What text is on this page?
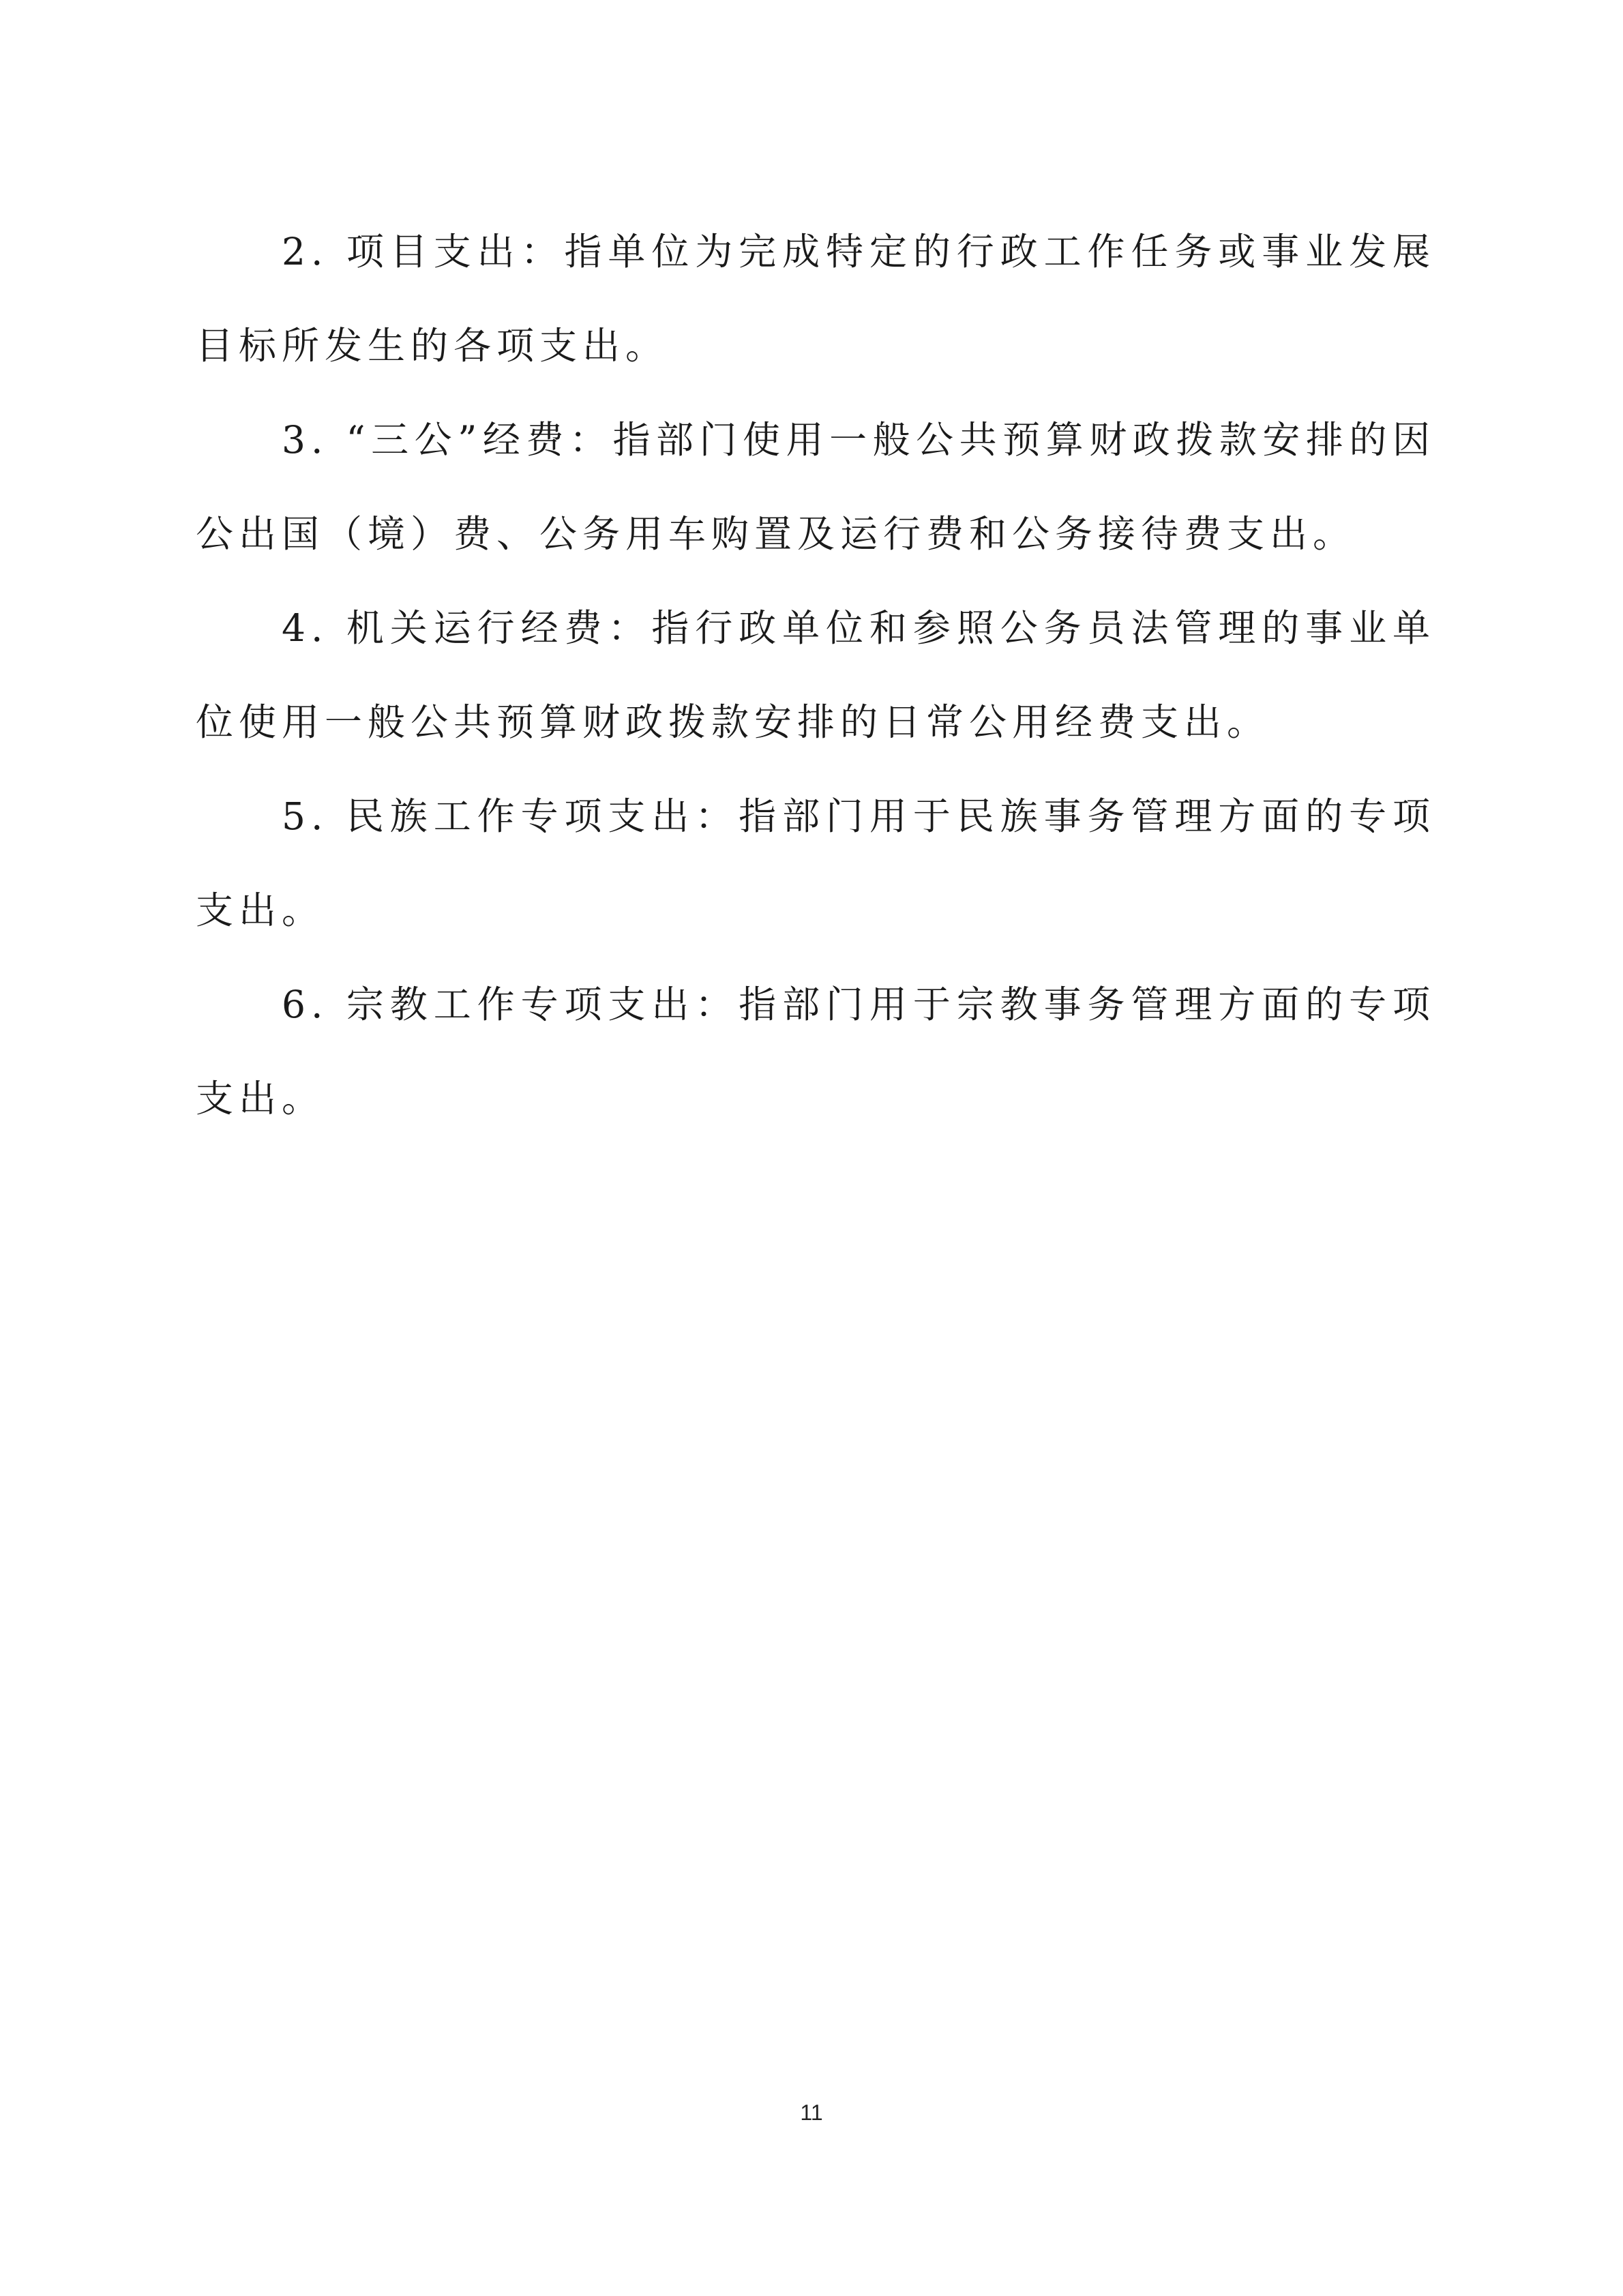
2. 项目支出：指单位为完成特定的行政工作任务或事业发展目标所发生的各项支出。

3. “三公”经费：指部门使用一般公共预算财政拨款安排的因公出国（境）费、公务用车购置及运行费和公务接待费支出。

4. 机关运行经费：指行政单位和参照公务员法管理的事业单位使用一般公共预算财政拨款安排的日常公用经费支出。

5. 民族工作专项支出：指部门用于民族事务管理方面的专项支出。

6. 宗教工作专项支出：指部门用于宗教事务管理方面的专项支出。

11
